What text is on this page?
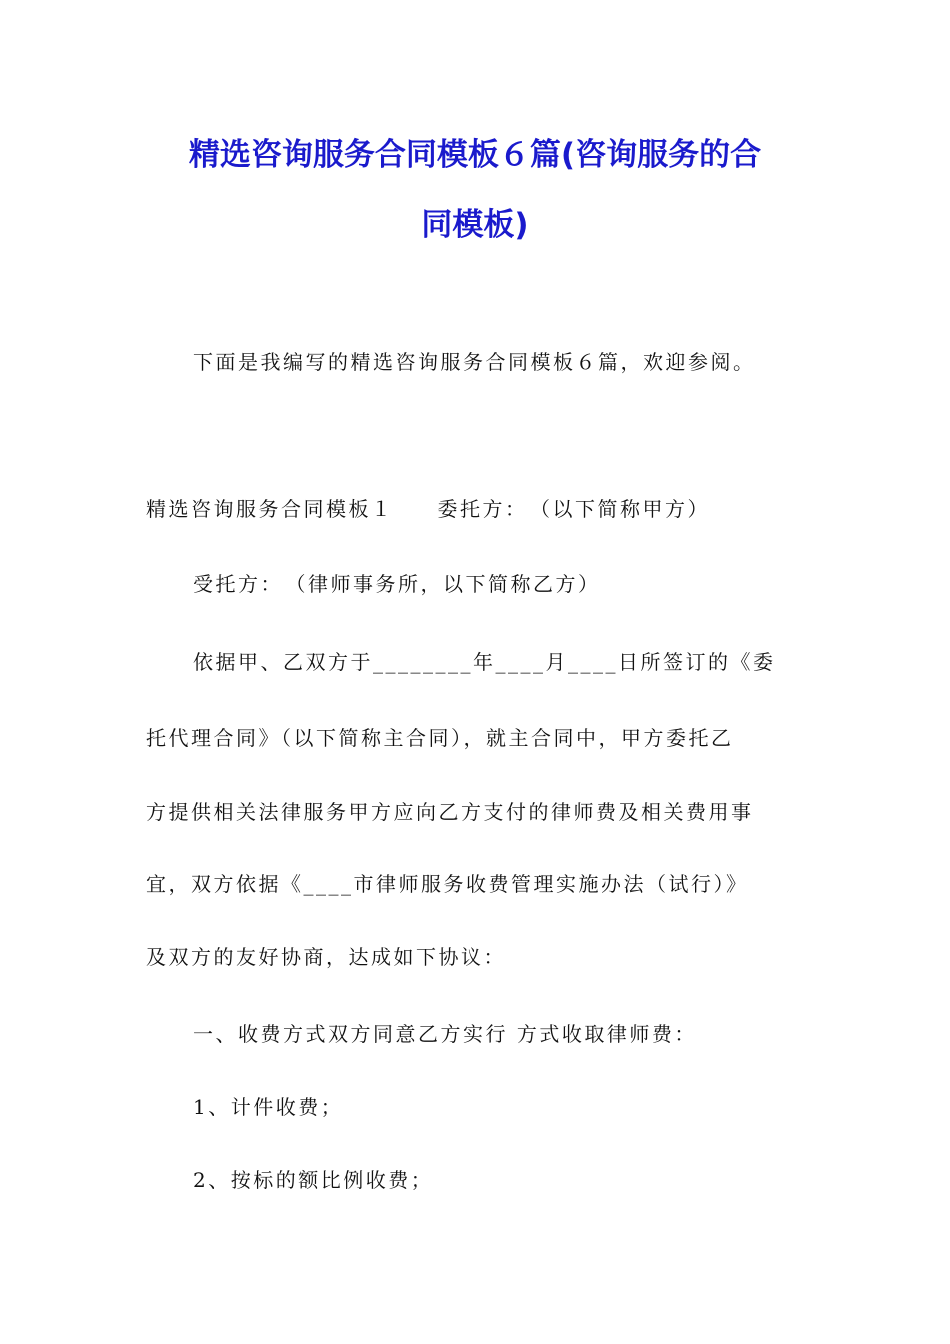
精选咨询服务合同模板６篇(咨询服务的合
同模板)
下面是我编写的精选咨询服务合同模板６篇，欢迎参阅。
精选咨询服务合同模板１ 委托方：　（以下简称甲方）
受托方：　（律师事务所，以下简称乙方）
依据甲、乙双方于________年____月____日所签订的《委
托代理合同》（以下简称主合同），就主合同中，甲方委托乙
方提供相关法律服务甲方应向乙方支付的律师费及相关费用事
宜，双方依据《____市律师服务收费管理实施办法（试行）》
及双方的友好协商，达成如下协议：
一、收费方式双方同意乙方实行 方式收取律师费：
1、计件收费；
2、按标的额比例收费；
